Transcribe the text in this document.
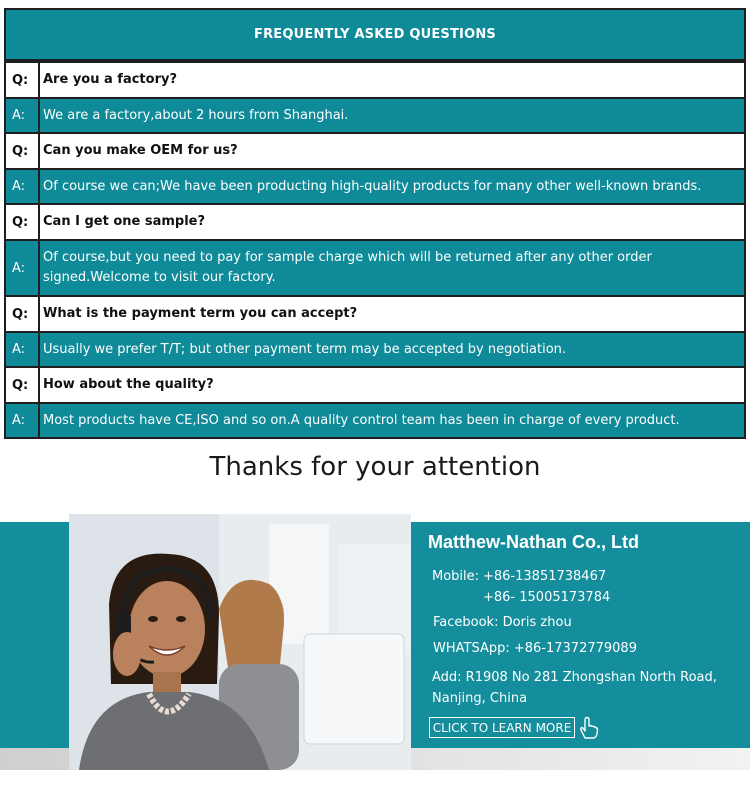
FREQUENTLY ASKED QUESTIONS
Q:	Are you a factory?
A:	We are a factory,about 2 hours from Shanghai.
Q:	Can you make OEM for us?
A:	Of course we can;We have been producting high-quality products for many other well-known brands.
Q:	Can I get one sample?
A:
Of course,but you need to pay for sample charge which will be returned after any other order signed.Welcome to visit our factory.
Q:	What is the payment term you can accept?
A:	Usually we prefer T/T; but other payment term may be accepted by negotiation.
Q:	How about the quality?
A:	Most products have CE,ISO and so on.A quality control team has been in charge of every product.
Thanks for your attention
Matthew-Nathan Co., Ltd
Mobile: +86-13851738467
+86- 15005173784
Facebook: Doris zhou
WHATSApp: +86-17372779089
Add: R1908 No 281 Zhongshan North Road,
Nanjing, China
CLICK TO LEARN MORE
